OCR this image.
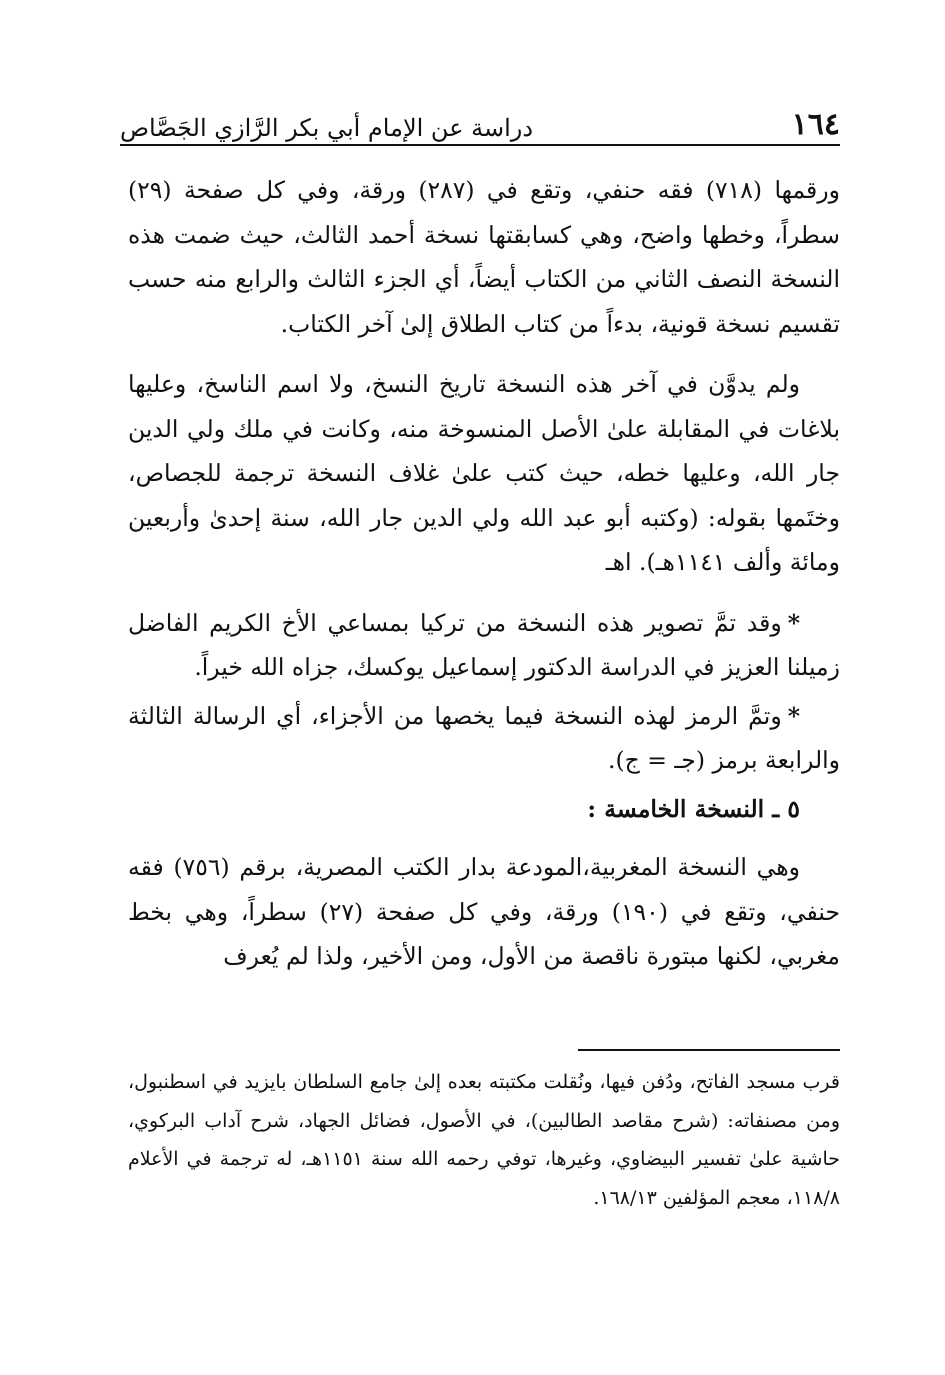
١٦٤
دراسة عن الإمام أبي بكر الرَّازي الجَصَّاص

ورقمها (٧١٨) فقه حنفي، وتقع في (٢٨٧) ورقة، وفي كل صفحة (٢٩) سطراً، وخطها واضح، وهي كسابقتها نسخة أحمد الثالث، حيث ضمت هذه النسخة النصف الثاني من الكتاب أيضاً، أي الجزء الثالث والرابع منه حسب تقسيم نسخة قونية، بدءاً من كتاب الطلاق إلىٰ آخر الكتاب.

ولم يدوَّن في آخر هذه النسخة تاريخ النسخ، ولا اسم الناسخ، وعليها بلاغات في المقابلة علىٰ الأصل المنسوخة منه، وكانت في ملك ولي الدين جار الله، وعليها خطه، حيث كتب علىٰ غلاف النسخة ترجمة للجصاص، وختَمها بقوله: (وكتبه أبو عبد الله ولي الدين جار الله، سنة إحدىٰ وأربعين ومائة وألف ١١٤١هـ). اهـ

*وقد تمَّ تصوير هذه النسخة من تركيا بمساعي الأخ الكريم الفاضل زميلنا العزيز في الدراسة الدكتور إسماعيل يوكسك، جزاه الله خيراً.

*وتمَّ الرمز لهذه النسخة فيما يخصها من الأجزاء، أي الرسالة الثالثة والرابعة برمز (جـ = ج).

٥ ـ النسخة الخامسة :

وهي النسخة المغربية،المودعة بدار الكتب المصرية، برقم (٧٥٦) فقه حنفي، وتقع في (١٩٠) ورقة، وفي كل صفحة (٢٧) سطراً، وهي بخط مغربي، لكنها مبتورة ناقصة من الأول، ومن الأخير، ولذا لم يُعرف

قرب مسجد الفاتح، ودُفن فيها، ونُقلت مكتبته بعده إلىٰ جامع السلطان بايزيد في اسطنبول، ومن مصنفاته: (شرح مقاصد الطالبين)، في الأصول، فضائل الجهاد، شرح آداب البركوي، حاشية علىٰ تفسير البيضاوي، وغيرها، توفي رحمه الله سنة ١١٥١هـ، له ترجمة في الأعلام ١١٨/٨، معجم المؤلفين ١٦٨/١٣.
